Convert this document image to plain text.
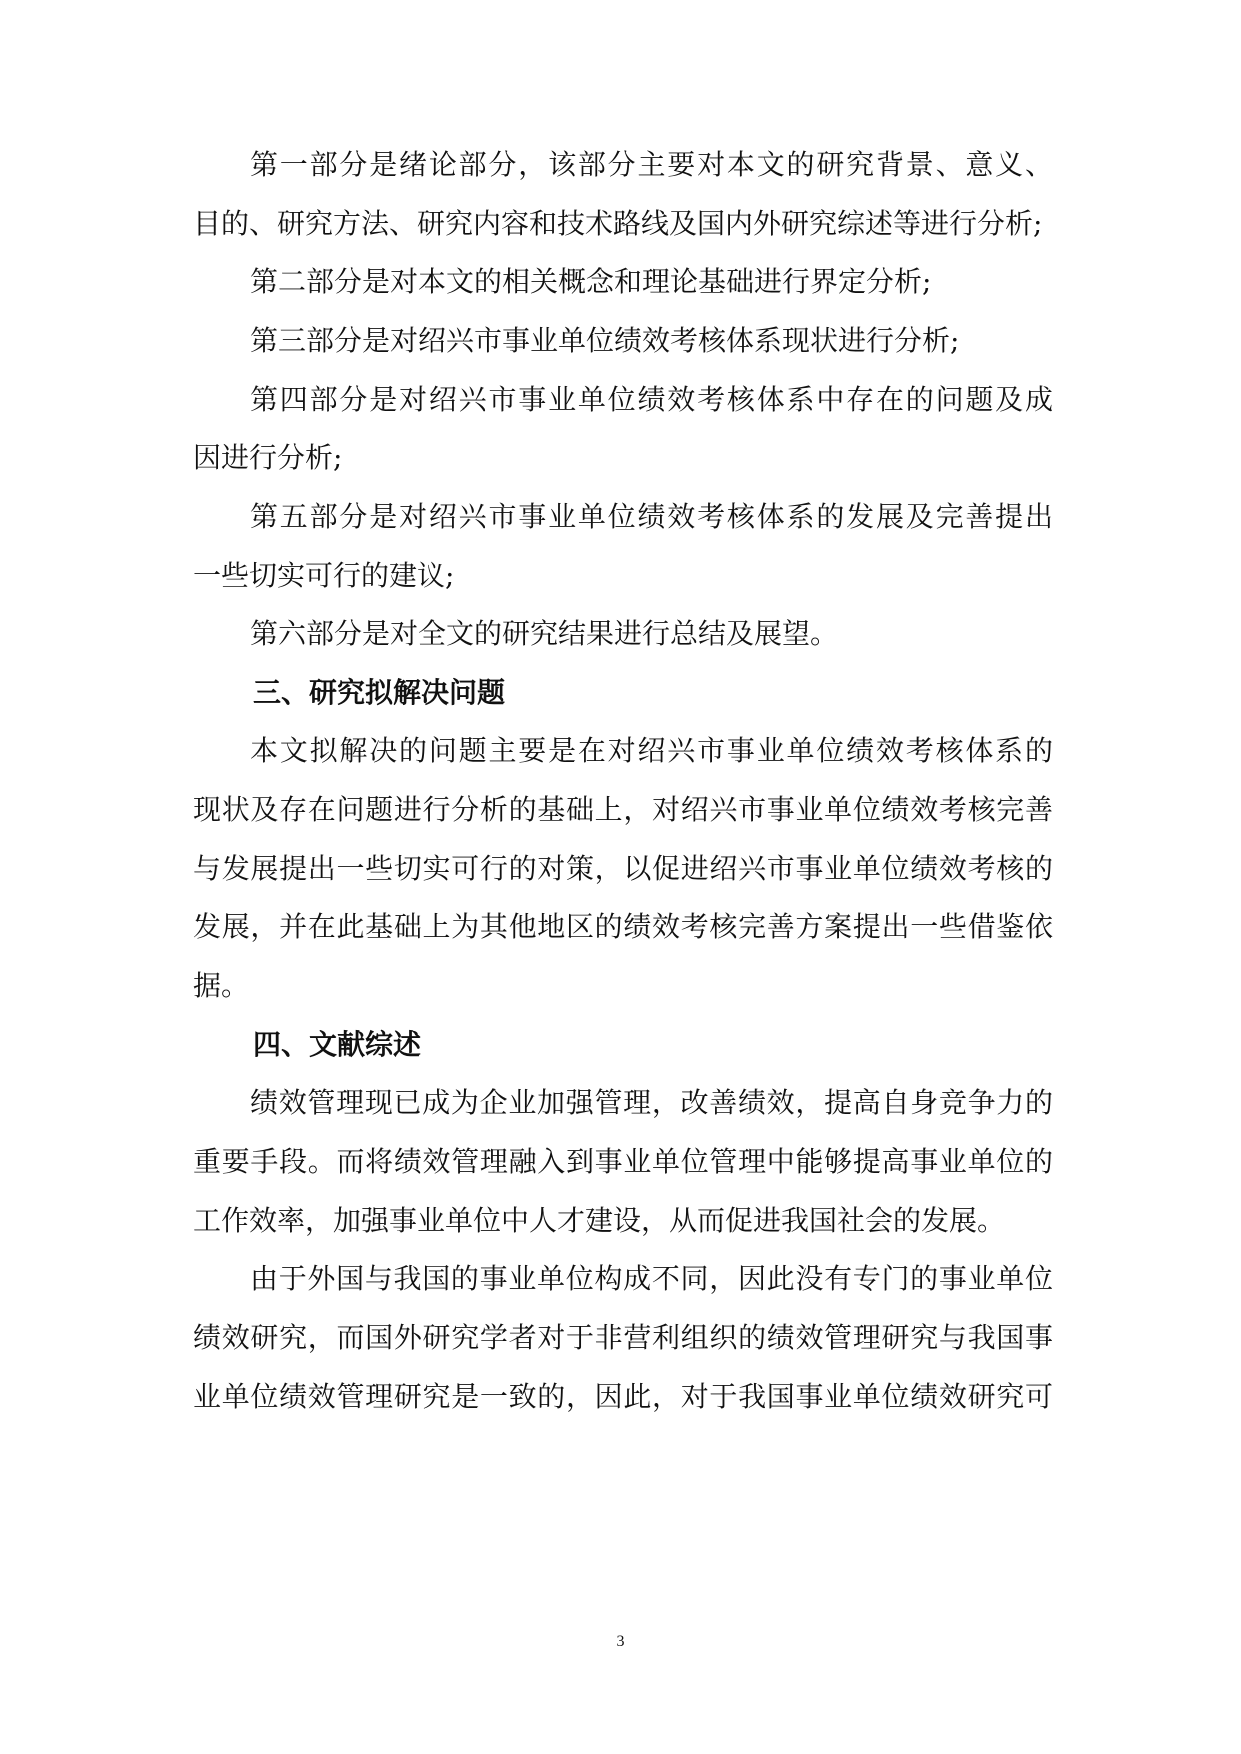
第一部分是绪论部分，该部分主要对本文的研究背景、意义、
目的、研究方法、研究内容和技术路线及国内外研究综述等进行分析;
第二部分是对本文的相关概念和理论基础进行界定分析;
第三部分是对绍兴市事业单位绩效考核体系现状进行分析;
第四部分是对绍兴市事业单位绩效考核体系中存在的问题及成
因进行分析;
第五部分是对绍兴市事业单位绩效考核体系的发展及完善提出
一些切实可行的建议;
第六部分是对全文的研究结果进行总结及展望。
三、研究拟解决问题
本文拟解决的问题主要是在对绍兴市事业单位绩效考核体系的
现状及存在问题进行分析的基础上，对绍兴市事业单位绩效考核完善
与发展提出一些切实可行的对策，以促进绍兴市事业单位绩效考核的
发展，并在此基础上为其他地区的绩效考核完善方案提出一些借鉴依
据。
四、文献综述
绩效管理现已成为企业加强管理，改善绩效，提高自身竞争力的
重要手段。而将绩效管理融入到事业单位管理中能够提高事业单位的
工作效率，加强事业单位中人才建设，从而促进我国社会的发展。
由于外国与我国的事业单位构成不同，因此没有专门的事业单位
绩效研究，而国外研究学者对于非营利组织的绩效管理研究与我国事
业单位绩效管理研究是一致的，因此，对于我国事业单位绩效研究可
3
